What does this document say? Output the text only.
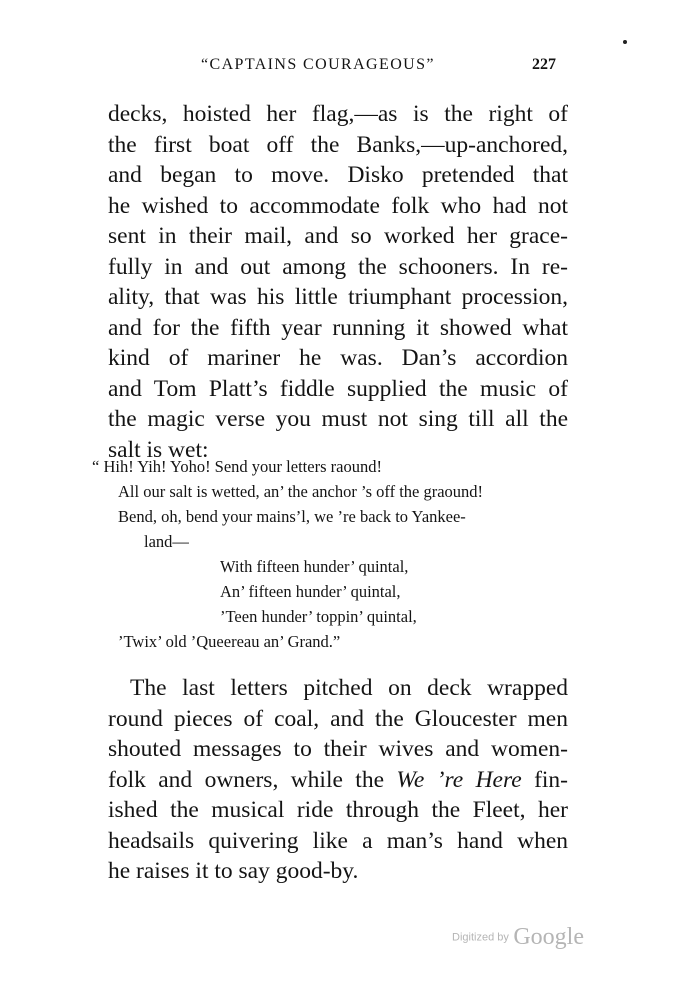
“CAPTAINS COURAGEOUS”	227
decks, hoisted her flag,—as is the right of
the first boat off the Banks,—up-anchored,
and began to move. Disko pretended that
he wished to accommodate folk who had not
sent in their mail, and so worked her grace-
fully in and out among the schooners. In re-
ality, that was his little triumphant procession,
and for the fifth year running it showed what
kind of mariner he was. Dan’s accordion
and Tom Platt’s fiddle supplied the music of
the magic verse you must not sing till all the
salt is wet:
“ Hih! Yih! Yoho! Send your letters raound!
All our salt is wetted, an’ the anchor ’s off the graound!
Bend, oh, bend your mains’l, we ’re back to Yankee-
land—
With fifteen hunder’ quintal,
An’ fifteen hunder’ quintal,
’Teen hunder’ toppin’ quintal,
’Twix’ old ’Queereau an’ Grand.”
The last letters pitched on deck wrapped
round pieces of coal, and the Gloucester men
shouted messages to their wives and women-
folk and owners, while the We ’re Here fin-
ished the musical ride through the Fleet, her
headsails quivering like a man’s hand when
he raises it to say good-by.
Digitized by Google
